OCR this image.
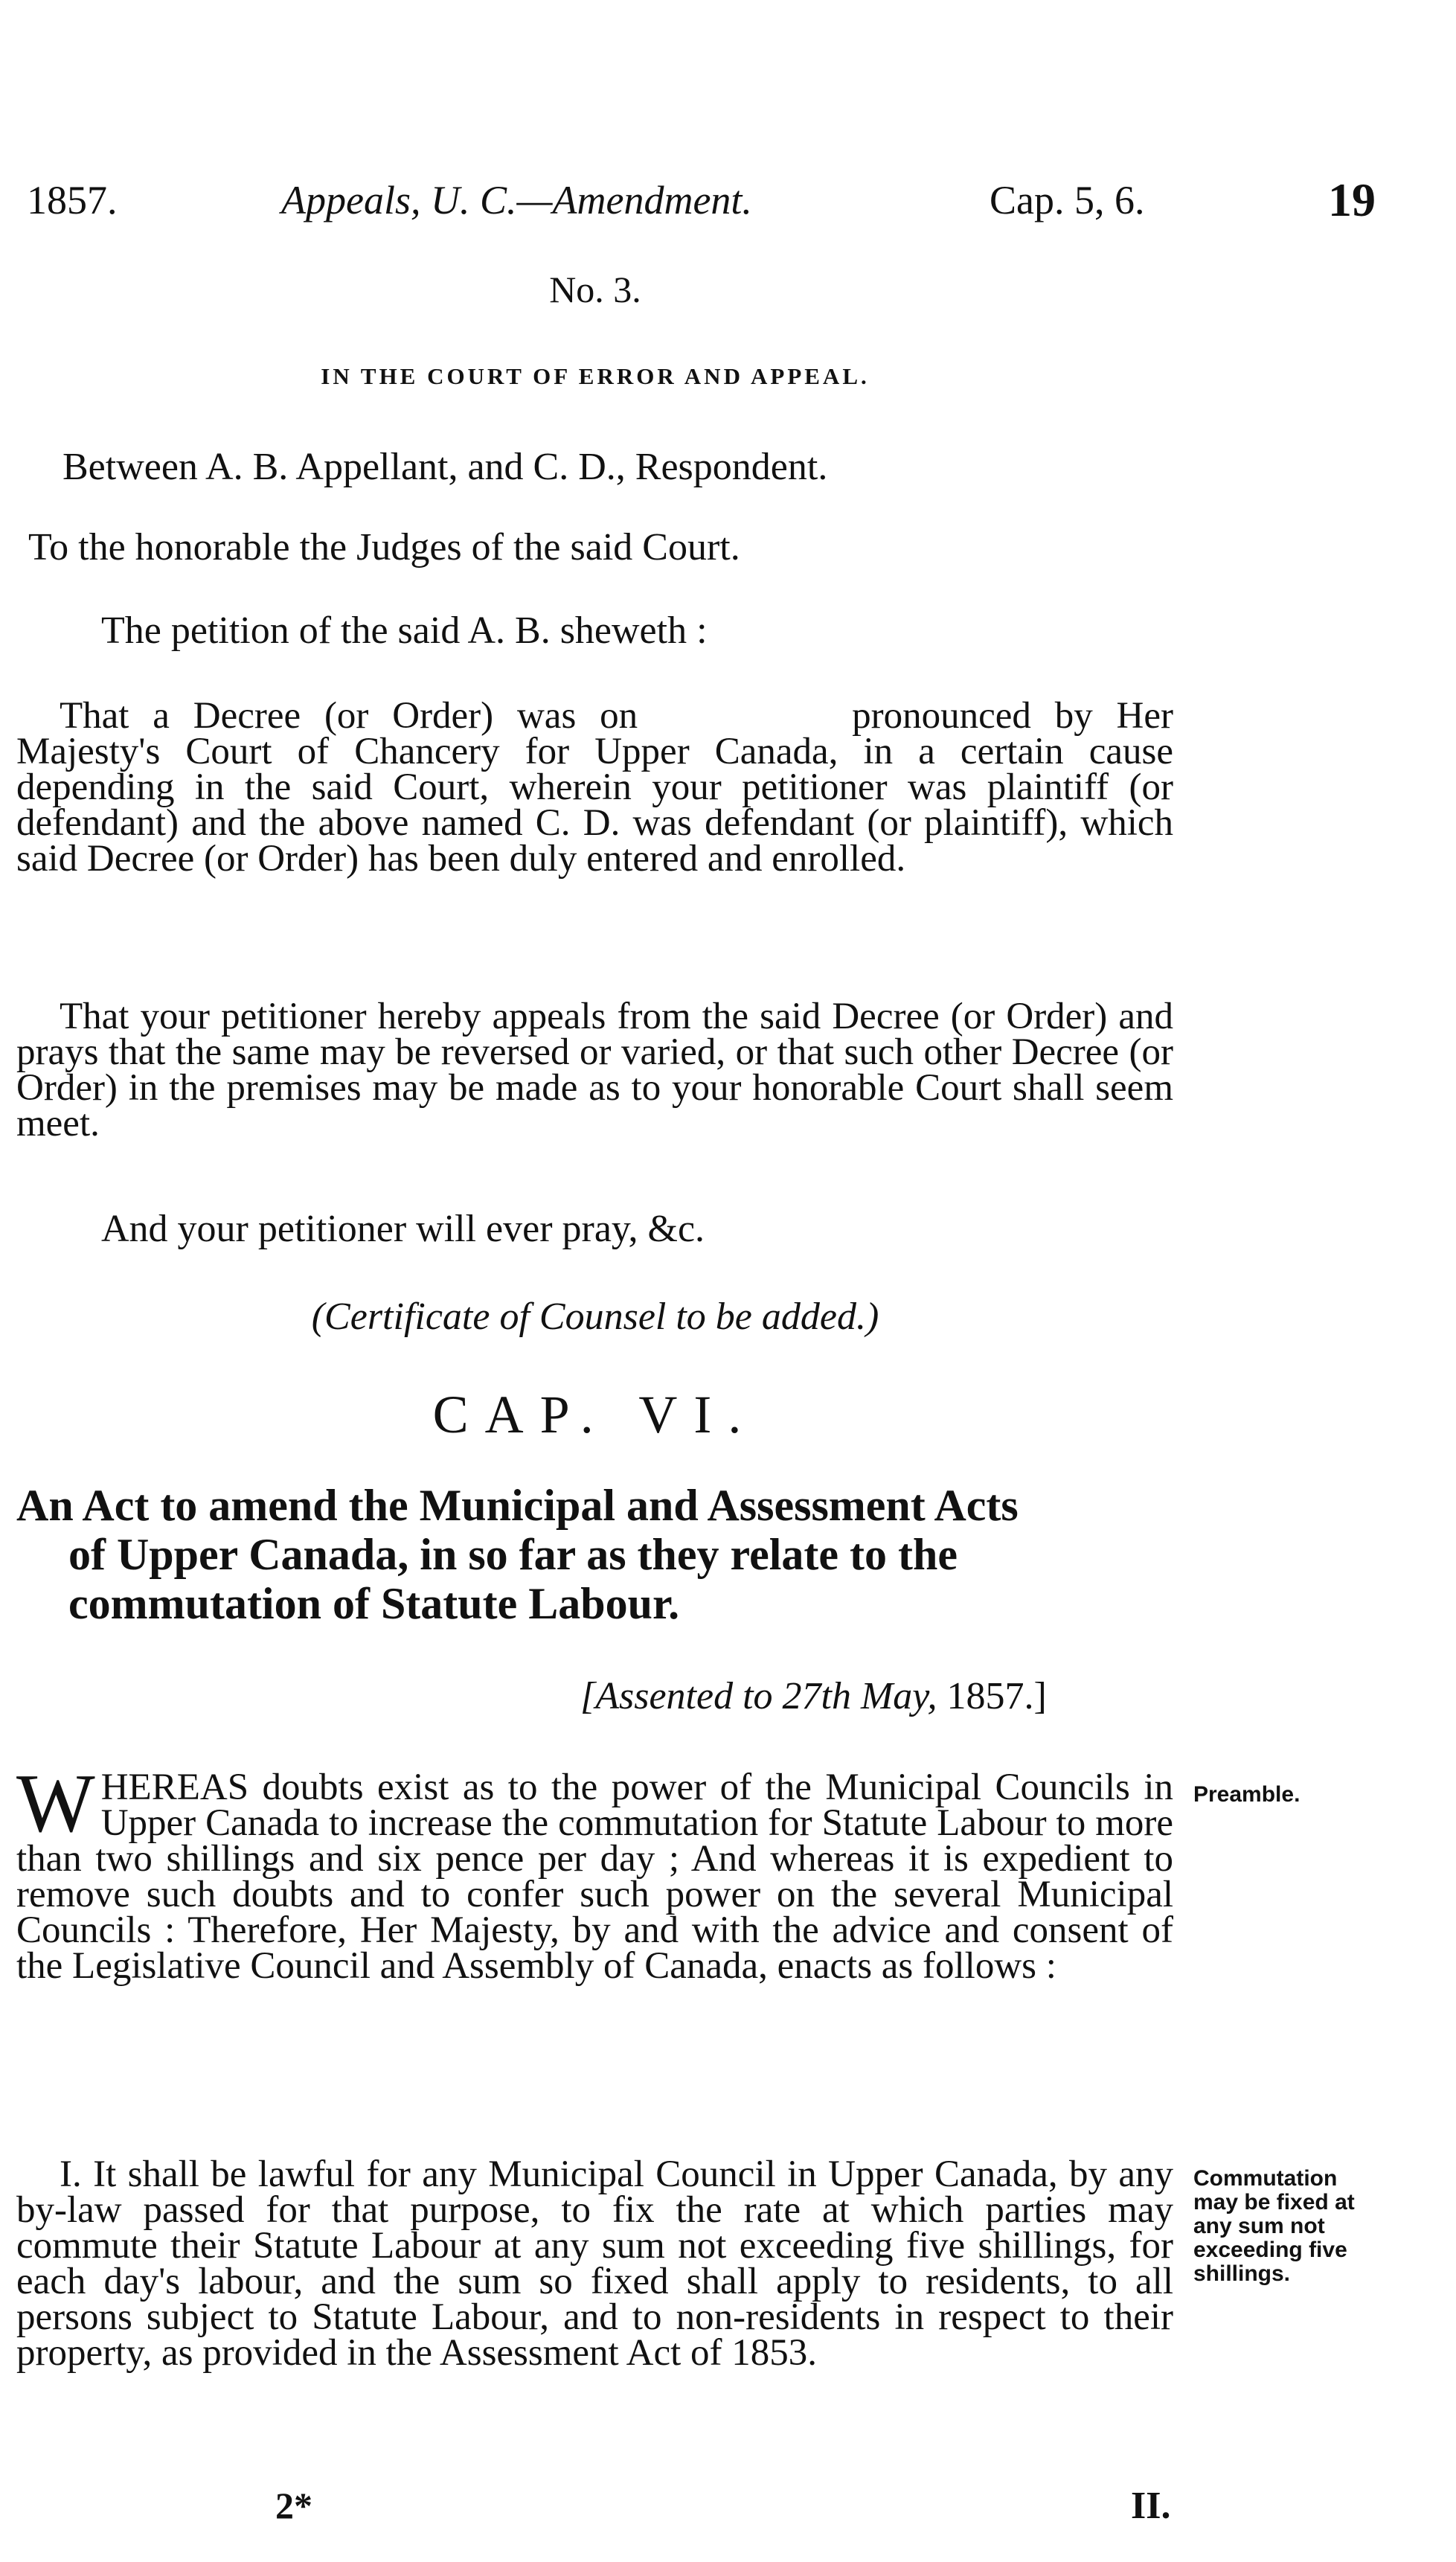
1857.	Appeals, U. C.—Amendment.	Cap. 5, 6.	19
No. 3.
IN THE COURT OF ERROR AND APPEAL.
Between A. B. Appellant, and C. D., Respondent.
To the honorable the Judges of the said Court.
The petition of the said A. B. sheweth :
That a Decree (or Order) was on	pronounced by Her Majesty's Court of Chancery for Upper Canada, in a certain cause depending in the said Court, wherein your petitioner was plaintiff (or defendant) and the above named C. D. was defendant (or plaintiff), which said Decree (or Order) has been duly entered and enrolled.
That your petitioner hereby appeals from the said Decree (or Order) and prays that the same may be reversed or varied, or that such other Decree (or Order) in the premises may be made as to your honorable Court shall seem meet.
And your petitioner will ever pray, &c.
(Certificate of Counsel to be added.)
CAP. VI.
An Act to amend the Municipal and Assessment Acts
of Upper Canada, in so far as they relate to the commutation of Statute Labour.
[Assented to 27th May, 1857.]
WHEREAS doubts exist as to the power of the Municipal Councils in Upper Canada to increase the commutation for Statute Labour to more than two shillings and six pence per day ; And whereas it is expedient to remove such doubts and to confer such power on the several Municipal Councils : Therefore, Her Majesty, by and with the advice and consent of the Legislative Council and Assembly of Canada, enacts as follows :
Preamble.
I. It shall be lawful for any Municipal Council in Upper Canada, by any by-law passed for that purpose, to fix the rate at which parties may commute their Statute Labour at any sum not exceeding five shillings, for each day's labour, and the sum so fixed shall apply to residents, to all persons subject to Statute Labour, and to non-residents in respect to their property, as provided in the Assessment Act of 1853.
Commutation may be fixed at any sum not exceeding five shillings.
2*	II.
